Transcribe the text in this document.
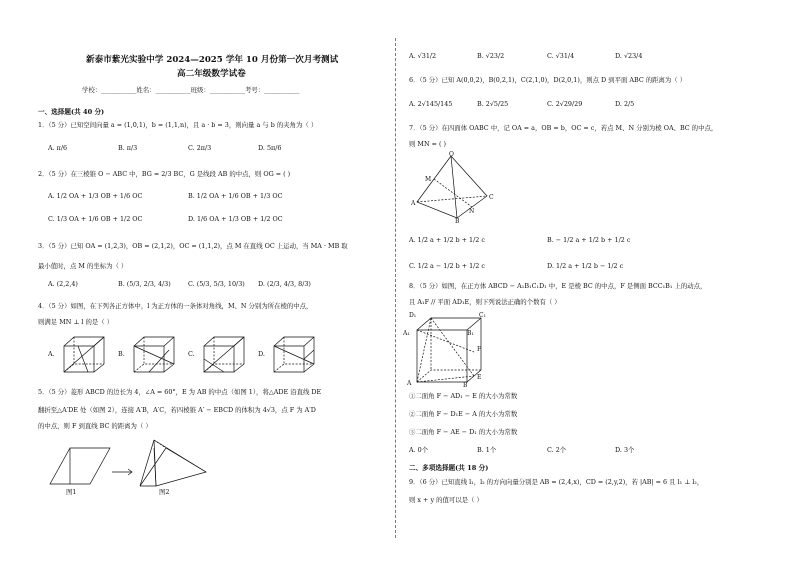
新泰市紫光实验中学 2024—2025 学年 10 月份第一次月考测试
高二年级数学试卷
学校：___________姓名：___________班级：___________考号：___________
一、选择题(共 40 分)
1．（5 分）已知空间向量 a = (1,0,1)，b = (1,1,n)，且 a · b = 3，则向量 a 与 b 的夹角为（ ）
A. π/6	B. π/3	C. 2π/3	D. 5π/6
2．（5 分）在三棱锥 O − ABC 中，BG = 2/3 BC，G 是线段 AB 的中点，则 OG = ( )
A. 1/2 OA + 1/3 OB + 1/6 OC	B. 1/2 OA + 1/6 OB + 1/3 OC
C. 1/3 OA + 1/6 OB + 1/2 OC	D. 1/6 OA + 1/3 OB + 1/2 OC
3．（5 分）已知 OA = (1,2,3)，OB = (2,1,2)，OC = (1,1,2)，点 M 在直线 OC 上运动，当 MA · MB 取
最小值时，点 M 的坐标为（ ）
A. (2,2,4)	B. (5/3, 2/3, 4/3)	C. (5/3, 5/3, 10/3) D. (2/3, 4/3, 8/3)
4．（5 分）如图，在下列各正方体中，l 为正方体的一条体对角线，M、N 分别为所在棱的中点，
则满足 MN ⊥ l 的是（ ）
A.	B.	C.	D.
5．（5 分）菱形 ABCD 的边长为 4，∠A = 60°，E 为 AB 的中点（如图 1），将△ADE 沿直线 DE
翻折至△A′DE 处（如图 2），连接 A′B，A′C，若四棱锥 A′ − EBCD 的体积为 4√3，点 F 为 A′D
的中点，则 F 到直线 BC 的距离为（ ）
图1	图2
A. √31/2	B. √23/2	C. √31/4	D. √23/4
6．（5 分）已知 A(0,0,2)，B(0,2,1)，C(2,1,0)，D(2,0,1)，则点 D 到平面 ABC 的距离为（ ）
A. 2√145/145	B. 2√5/25	C. 2√29/29	D. 2/5
7．（5 分）在四面体 OABC 中，记 OA = a，OB = b，OC = c，若点 M、N 分别为棱 OA、BC 的中点，
则 MN = ( )
O
M
A
C
N
B
A. 1/2 a + 1/2 b + 1/2 c	B. − 1/2 a + 1/2 b + 1/2 c
C. 1/2 a − 1/2 b + 1/2 c	D. 1/2 a + 1/2 b − 1/2 c
8．（5 分）如图，在正方体 ABCD − A₁B₁C₁D₁ 中，E 是棱 BC 的中点，F 是侧面 BCC₁B₁ 上的动点，
且 A₁F // 平面 AD₁E，则下列说法正确的个数有（ ）
D₁	C₁
A₁	B₁
F
E
A	B
①二面角 F − AD₁ − E 的大小为常数
②二面角 F − D₁E − A 的大小为常数
③二面角 F − AE − D₁ 的大小为常数
A. 0个	B. 1个	C. 2个	D. 3个
二、多项选择题(共 18 分)
9．（6 分）已知直线 l₁，l₂ 的方向向量分别是 AB = (2,4,x)，CD = (2,y,2)，若 |AB| = 6 且 l₁ ⊥ l₂，
则 x + y 的值可以是（ ）
